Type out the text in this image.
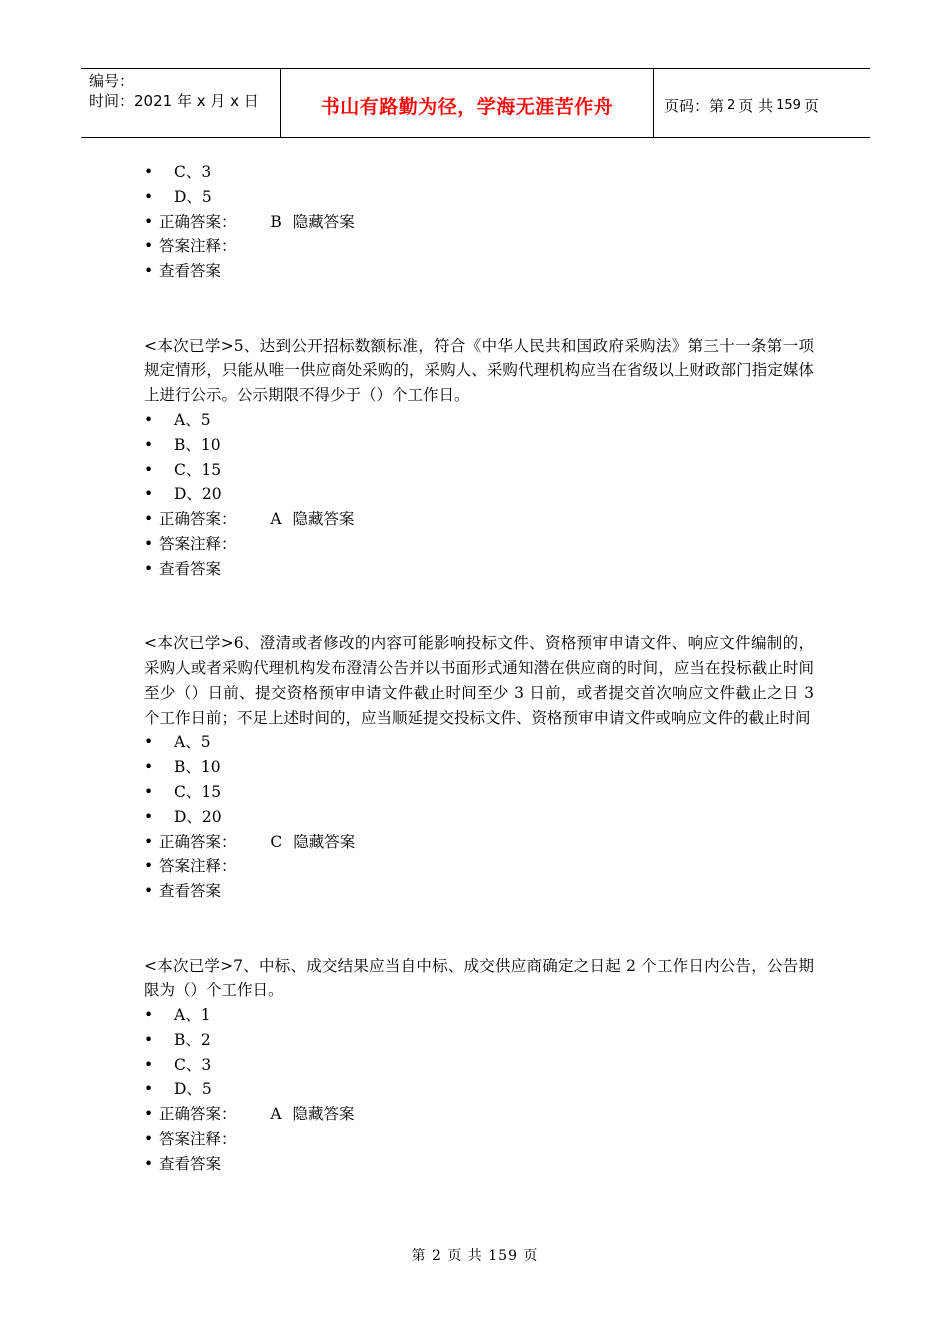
编号：
时间：2021 年 x 月 x 日	书山有路勤为径，学海无涯苦作舟	页码：第 2 页 共 159 页
• C、3
• D、5
• 正确答案： B 隐藏答案
• 答案注释：
• 查看答案
<本次已学>5、达到公开招标数额标准，符合《中华人民共和国政府采购法》第三十一条第一项规定情形，只能从唯一供应商处采购的，采购人、采购代理机构应当在省级以上财政部门指定媒体上进行公示。公示期限不得少于（）个工作日。
• A、5
• B、10
• C、15
• D、20
• 正确答案： A 隐藏答案
• 答案注释：
• 查看答案
<本次已学>6、澄清或者修改的内容可能影响投标文件、资格预审申请文件、响应文件编制的，采购人或者采购代理机构发布澄清公告并以书面形式通知潜在供应商的时间，应当在投标截止时间至少（）日前、提交资格预审申请文件截止时间至少 3 日前，或者提交首次响应文件截止之日 3 个工作日前；不足上述时间的，应当顺延提交投标文件、资格预审申请文件或响应文件的截止时间
• A、5
• B、10
• C、15
• D、20
• 正确答案： C 隐藏答案
• 答案注释：
• 查看答案
<本次已学>7、中标、成交结果应当自中标、成交供应商确定之日起 2 个工作日内公告，公告期限为（）个工作日。
• A、1
• B、2
• C、3
• D、5
• 正确答案： A 隐藏答案
• 答案注释：
• 查看答案
第 2 页 共 159 页
